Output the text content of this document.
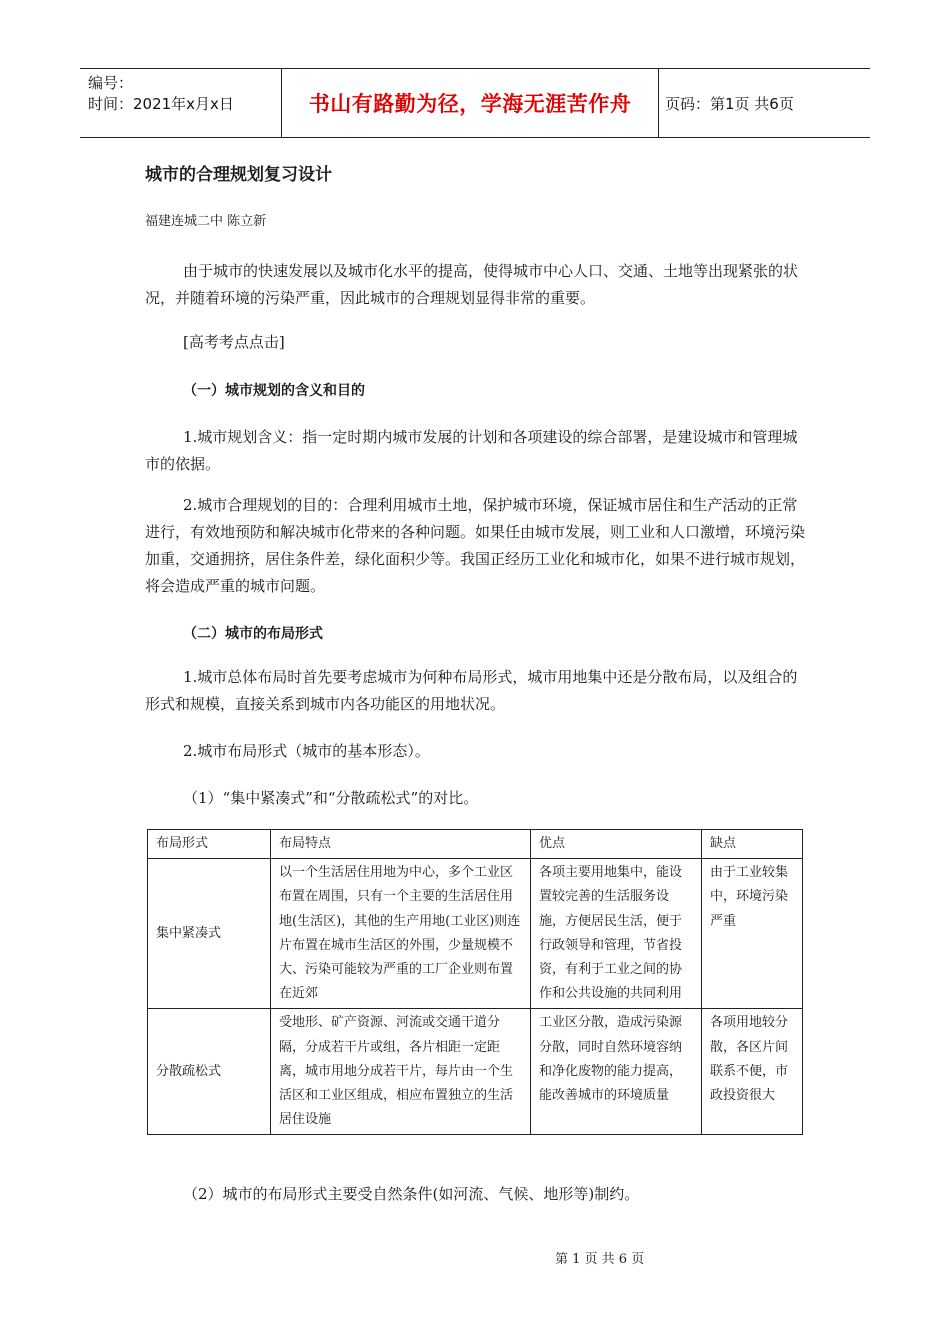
编号：
时间：2021年x月x日	书山有路勤为径，学海无涯苦作舟 页码：第1页 共6页
城市的合理规划复习设计
福建连城二中 陈立新

由于城市的快速发展以及城市化水平的提高，使得城市中心人口、交通、土地等出现紧张的状况，并随着环境的污染严重，因此城市的合理规划显得非常的重要。

[高考考点点击]
（一）城市规划的含义和目的

1.城市规划含义：指一定时期内城市发展的计划和各项建设的综合部署，是建设城市和管理城市的依据。

2.城市合理规划的目的：合理利用城市土地，保护城市环境，保证城市居住和生产活动的正常进行，有效地预防和解决城市化带来的各种问题。如果任由城市发展，则工业和人口激增，环境污染加重，交通拥挤，居住条件差，绿化面积少等。我国正经历工业化和城市化，如果不进行城市规划，将会造成严重的城市问题。

（二）城市的布局形式

1.城市总体布局时首先要考虑城市为何种布局形式，城市用地集中还是分散布局，以及组合的形式和规模，直接关系到城市内各功能区的用地状况。

2.城市布局形式（城市的基本形态）。
（1）“集中紧凑式”和“分散疏松式”的对比。
布局形式	布局特点	优点	缺点
集中紧凑式	以一个生活居住用地为中心，多个工业区布置在周围，只有一个主要的生活居住用地(生活区)，其他的生产用地(工业区)则连片布置在城市生活区的外围，少量规模不大、污染可能较为严重的工厂企业则布置在近郊	各项主要用地集中，能设置较完善的生活服务设施，方便居民生活，便于行政领导和管理，节省投资，有利于工业之间的协作和公共设施的共同利用	由于工业较集中，环境污染严重
分散疏松式	受地形、矿产资源、河流或交通干道分隔，分成若干片或组，各片相距一定距离，城市用地分成若干片，每片由一个生活区和工业区组成，相应布置独立的生活居住设施	工业区分散，造成污染源分散，同时自然环境容纳和净化废物的能力提高，能改善城市的环境质量	各项用地较分散，各区片间联系不便，市政投资很大
（2）城市的布局形式主要受自然条件(如河流、气候、地形等)制约。
第 1 页 共 6 页
